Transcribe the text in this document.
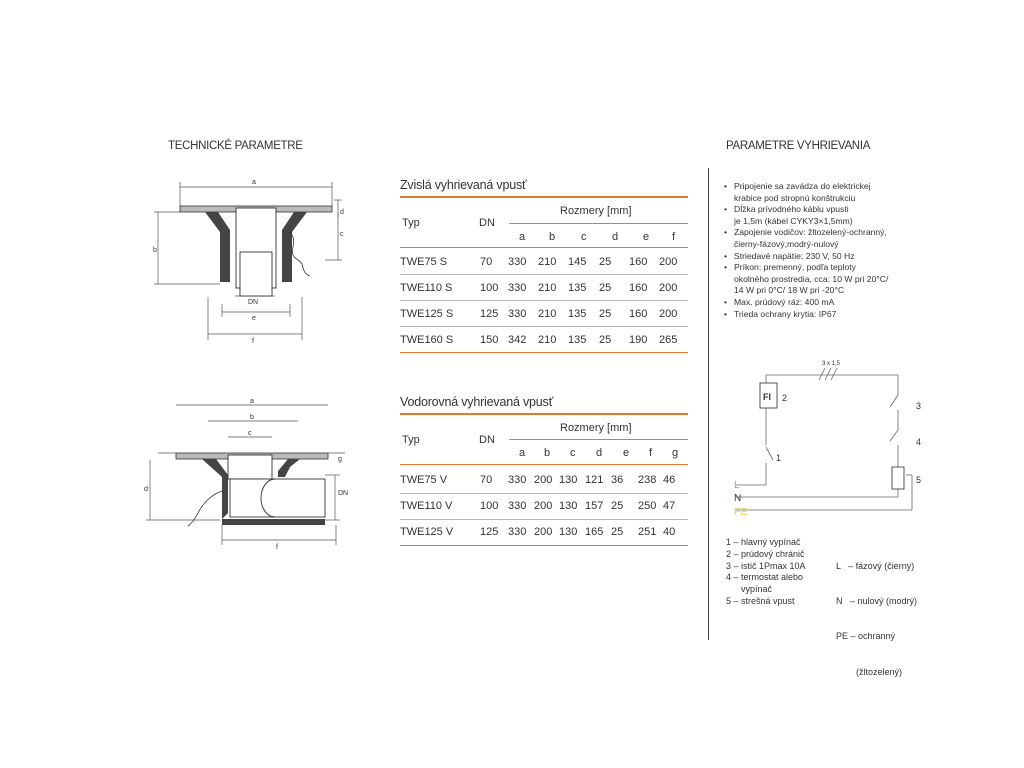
TECHNICKÉ PARAMETRE	PARAMETRE VYHRIEVANIA
a
b
c
d
DN
e
f
a
b
c
d
DN
f
g
Zvislá vyhrievaná vpusť
Typ	DN
Rozmery [mm]
a b c d e f
TWE75 S	70	330	210	145	25	160	200
TWE110 S	100	330	210	135	25	160	200
TWE125 S	125	330	210	135	25	160	200
TWE160 S	150	342	210	135	25	190	265
Vodorovná vyhrievaná vpusť
Typ	DN
Rozmery [mm]
a b c d e f g
TWE75 V	70	330	200	130	121	36	238	46
TWE110 V	100	330	200	130	157	25	250	47
TWE125 V	125	330	200	130	165	25	251	40
• Pripojenie sa zavádza do elektrickej
krabice pod stropnú konštrukciu
• Dĺžka prívodného káblu vpusti
je 1,5m (kábel CYKY3×1,5mm)
• Zapojenie vodičov: žltozelený-ochranný,
čierny-fázový,modrý-nulový
• Striedavé napätie: 230 V, 50 Hz
• Príkon: premenný, podľa teploty
okolného prostredia, cca: 10 W pri 20°C/
14 W pri 0°C/ 18 W pri -20°C
• Max. prúdový ráz: 400 mA
• Trieda ochrany krytia: IP67
3 x 1,5
FI 2
1
3
4
5
L
N
PE
1 – hlavný vypínač
2 – prúdový chránič
3 – istič 1Pmax 10A
4 – termostat alebo
vypínač
5 – strešná vpust

L   – fázový (čierny)

N   – nulový (modrý)

PE – ochranný

(žltozelený)
